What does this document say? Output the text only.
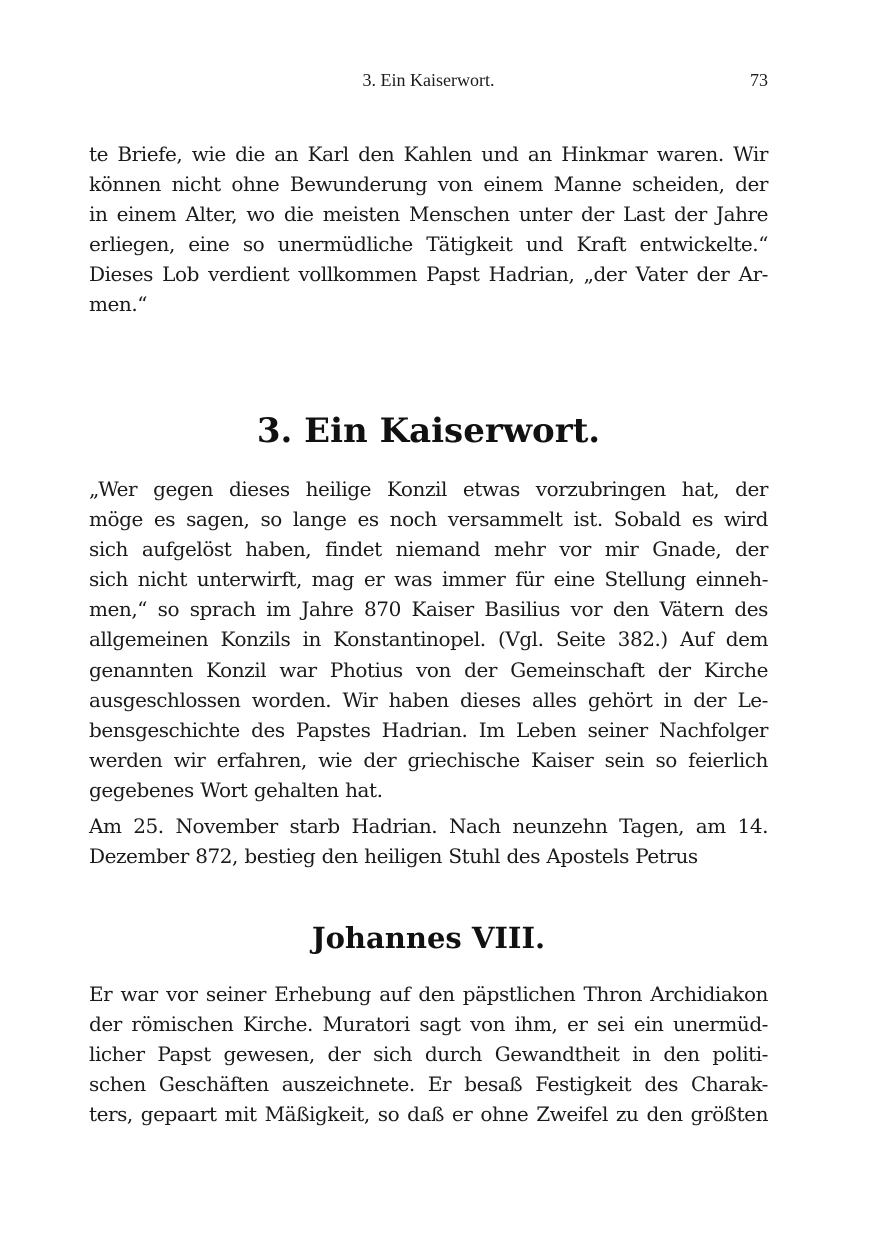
3. Ein Kaiserwort.	73

te Briefe, wie die an Karl den Kahlen und an Hinkmar waren. Wir
können nicht ohne Bewunderung von einem Manne scheiden, der
in einem Alter, wo die meisten Menschen unter der Last der Jahre
erliegen, eine so unermüdliche Tätigkeit und Kraft entwickelte.“
Dieses Lob verdient vollkommen Papst Hadrian, „der Vater der Ar-
men.“

3. Ein Kaiserwort.

„Wer gegen dieses heilige Konzil etwas vorzubringen hat, der
möge es sagen, so lange es noch versammelt ist. Sobald es wird
sich aufgelöst haben, findet niemand mehr vor mir Gnade, der
sich nicht unterwirft, mag er was immer für eine Stellung einneh-
men,“ so sprach im Jahre 870 Kaiser Basilius vor den Vätern des
allgemeinen Konzils in Konstantinopel. (Vgl. Seite 382.) Auf dem
genannten Konzil war Photius von der Gemeinschaft der Kirche
ausgeschlossen worden. Wir haben dieses alles gehört in der Le-
bensgeschichte des Papstes Hadrian. Im Leben seiner Nachfolger
werden wir erfahren, wie der griechische Kaiser sein so feierlich
gegebenes Wort gehalten hat.

Am 25. November starb Hadrian. Nach neunzehn Tagen, am 14.
Dezember 872, bestieg den heiligen Stuhl des Apostels Petrus

Johannes VIII.

Er war vor seiner Erhebung auf den päpstlichen Thron Archidiakon
der römischen Kirche. Muratori sagt von ihm, er sei ein unermüd-
licher Papst gewesen, der sich durch Gewandtheit in den politi-
schen Geschäften auszeichnete. Er besaß Festigkeit des Charak-
ters, gepaart mit Mäßigkeit, so daß er ohne Zweifel zu den größten
